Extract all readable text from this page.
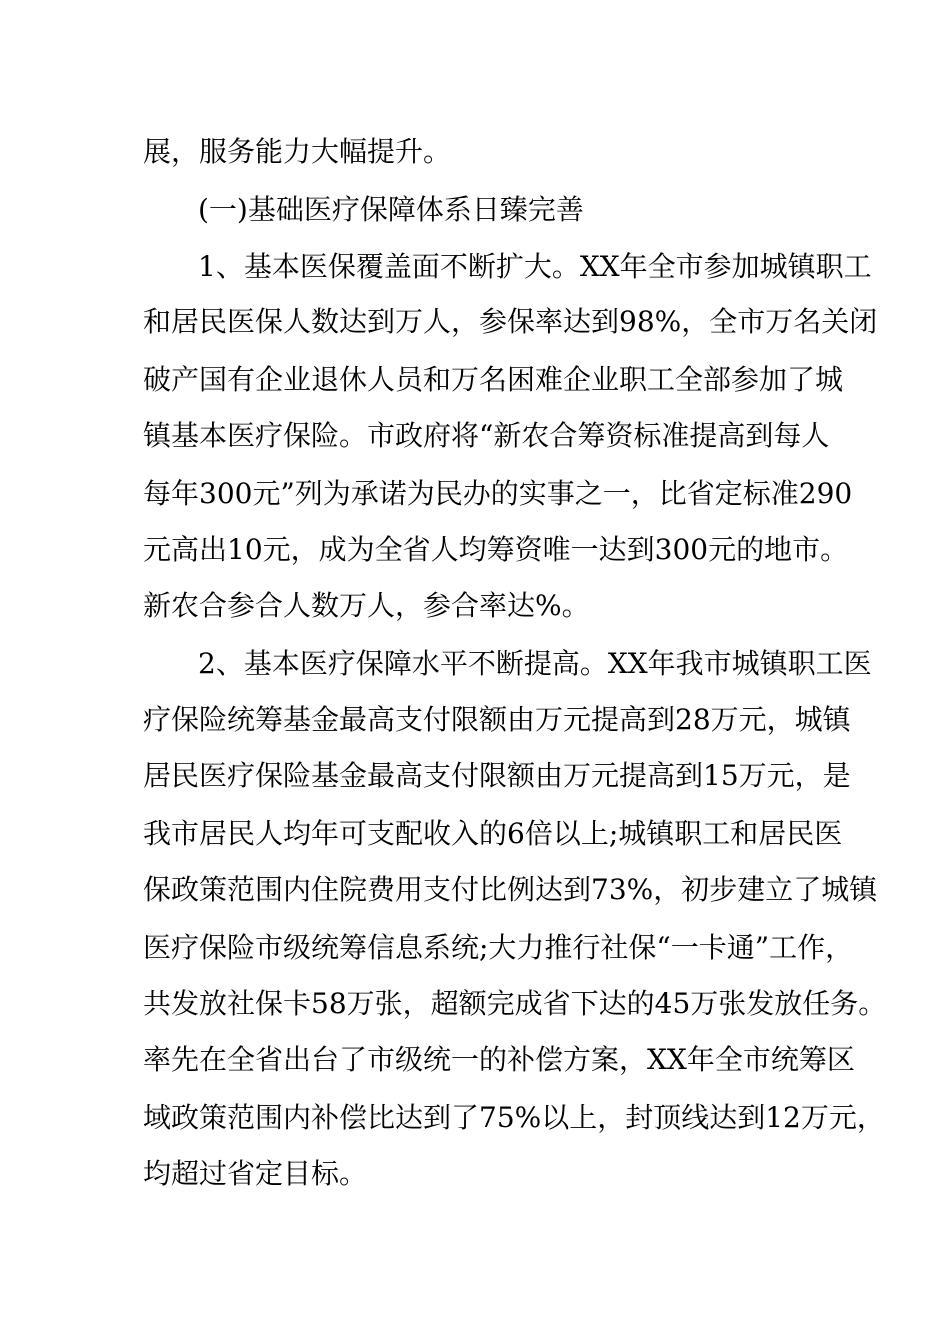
展，服务能力大幅提升。

(一)基础医疗保障体系日臻完善

1、基本医保覆盖面不断扩大。XX年全市参加城镇职工

和居民医保人数达到万人，参保率达到98%，全市万名关闭

破产国有企业退休人员和万名困难企业职工全部参加了城

镇基本医疗保险。市政府将“新农合筹资标准提高到每人

每年300元”列为承诺为民办的实事之一，比省定标准290

元高出10元，成为全省人均筹资唯一达到300元的地市。

新农合参合人数万人，参合率达%。

2、基本医疗保障水平不断提高。XX年我市城镇职工医

疗保险统筹基金最高支付限额由万元提高到28万元，城镇

居民医疗保险基金最高支付限额由万元提高到15万元，是

我市居民人均年可支配收入的6倍以上;城镇职工和居民医

保政策范围内住院费用支付比例达到73%，初步建立了城镇

医疗保险市级统筹信息系统;大力推行社保“一卡通”工作，

共发放社保卡58万张，超额完成省下达的45万张发放任务。

率先在全省出台了市级统一的补偿方案，XX年全市统筹区

域政策范围内补偿比达到了75%以上，封顶线达到12万元，

均超过省定目标。
